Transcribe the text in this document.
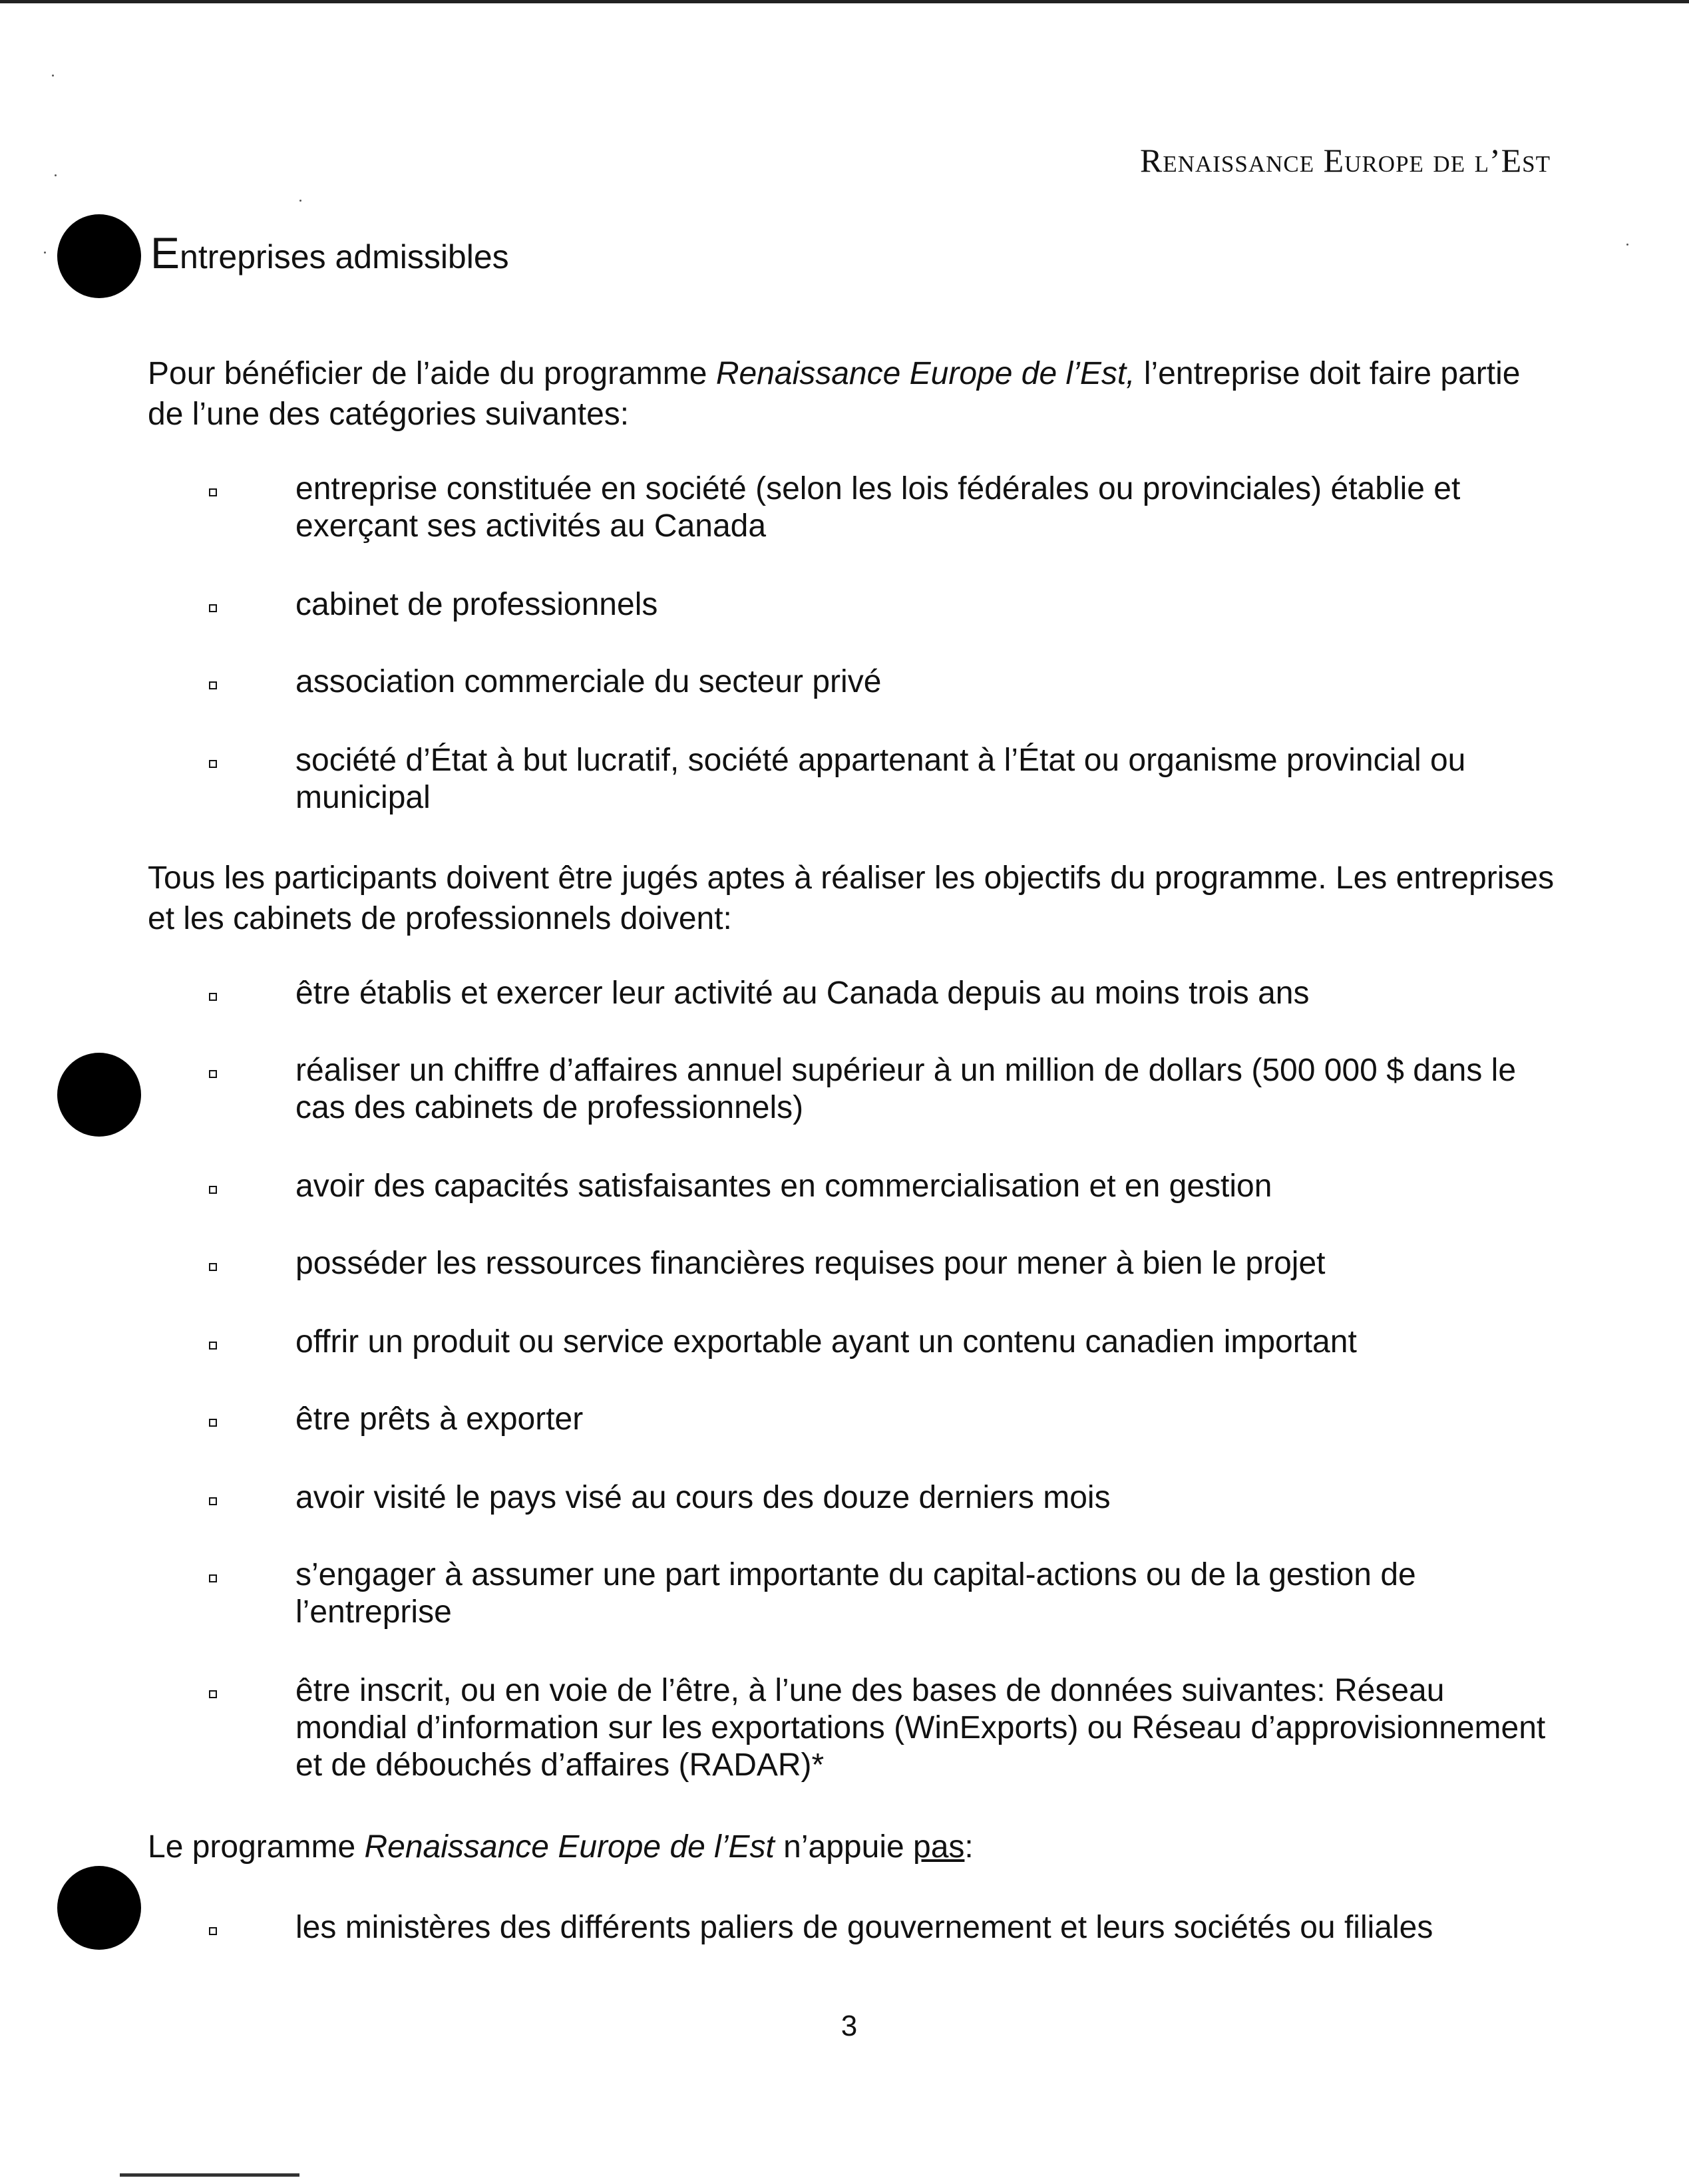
Renaissance Europe de l’Est
Entreprises admissibles
Pour bénéficier de l’aide du programme Renaissance Europe de l’Est, l’entreprise doit faire partie de l’une des catégories suivantes:
entreprise constituée en société (selon les lois fédérales ou provinciales) établie et exerçant ses activités au Canada
cabinet de professionnels
association commerciale du secteur privé
société d’État à but lucratif, société appartenant à l’État ou organisme provincial ou municipal
Tous les participants doivent être jugés aptes à réaliser les objectifs du programme. Les entreprises et les cabinets de professionnels doivent:
être établis et exercer leur activité au Canada depuis au moins trois ans
réaliser un chiffre d’affaires annuel supérieur à un million de dollars (500 000 $ dans le cas des cabinets de professionnels)
avoir des capacités satisfaisantes en commercialisation et en gestion
posséder les ressources financières requises pour mener à bien le projet
offrir un produit ou service exportable ayant un contenu canadien important
être prêts à exporter
avoir visité le pays visé au cours des douze derniers mois
s’engager à assumer une part importante du capital-actions ou de la gestion de l’entreprise
être inscrit, ou en voie de l’être, à l’une des bases de données suivantes: Réseau mondial d’information sur les exportations (WinExports) ou Réseau d’approvisionnement et de débouchés d’affaires (RADAR)*
Le programme Renaissance Europe de l’Est n’appuie pas:
les ministères des différents paliers de gouvernement et leurs sociétés ou filiales
3
